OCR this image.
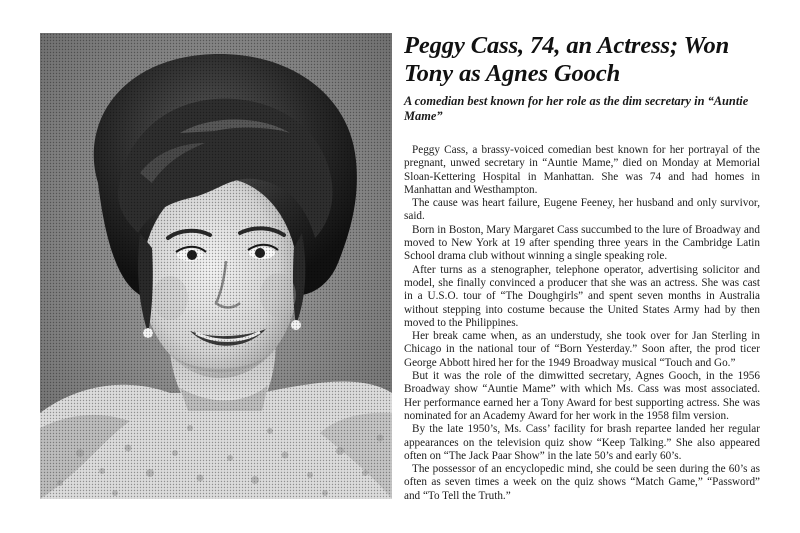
Peggy Cass, 74, an Actress; Won Tony as Agnes Gooch
A comedian best known for her role as the dim secretary in “Auntie Mame”

Peggy Cass, a brassy-voiced comedian best known for her portrayal of the pregnant, unwed secretary in “Auntie Mame,” died on Monday at Memorial Sloan-Kettering Hospital in Manhattan. She was 74 and had homes in Manhattan and Westhampton.

The cause was heart failure, Eugene Feeney, her husband and only survivor, said.

Born in Boston, Mary Margaret Cass succumbed to the lure of Broadway and moved to New York at 19 after spending three years in the Cambridge Latin School drama club without winning a single speaking role.

After turns as a stenographer, telephone operator, advertising solicitor and model, she finally convinced a producer that she was an actress. She was cast in a U.S.O. tour of “The Doughgirls” and spent seven months in Australia without stepping into costume because the United States Army had by then moved to the Philippines.

Her break came when, as an understudy, she took over for Jan Sterling in Chicago in the national tour of “Born Yesterday.” Soon after, the prod ticer George Abbott hired her for the 1949 Broadway musical “Touch and Go.”

But it was the role of the dimwitted secretary, Agnes Gooch, in the 1956 Broadway show “Auntie Mame” with which Ms. Cass was most associated. Her performance earned her a Tony Award for best supporting actress. She was nominated for an Academy Award for her work in the 1958 film version.

By the late 1950’s, Ms. Cass’ facility for brash repartee landed her regular appearances on the television quiz show “Keep Talking.” She also appeared often on “The Jack Paar Show” in the late 50’s and early 60’s.

The possessor of an encyclopedic mind, she could be seen during the 60’s as often as seven times a week on the quiz shows “Match Game,” “Password” and “To Tell the Truth.”
